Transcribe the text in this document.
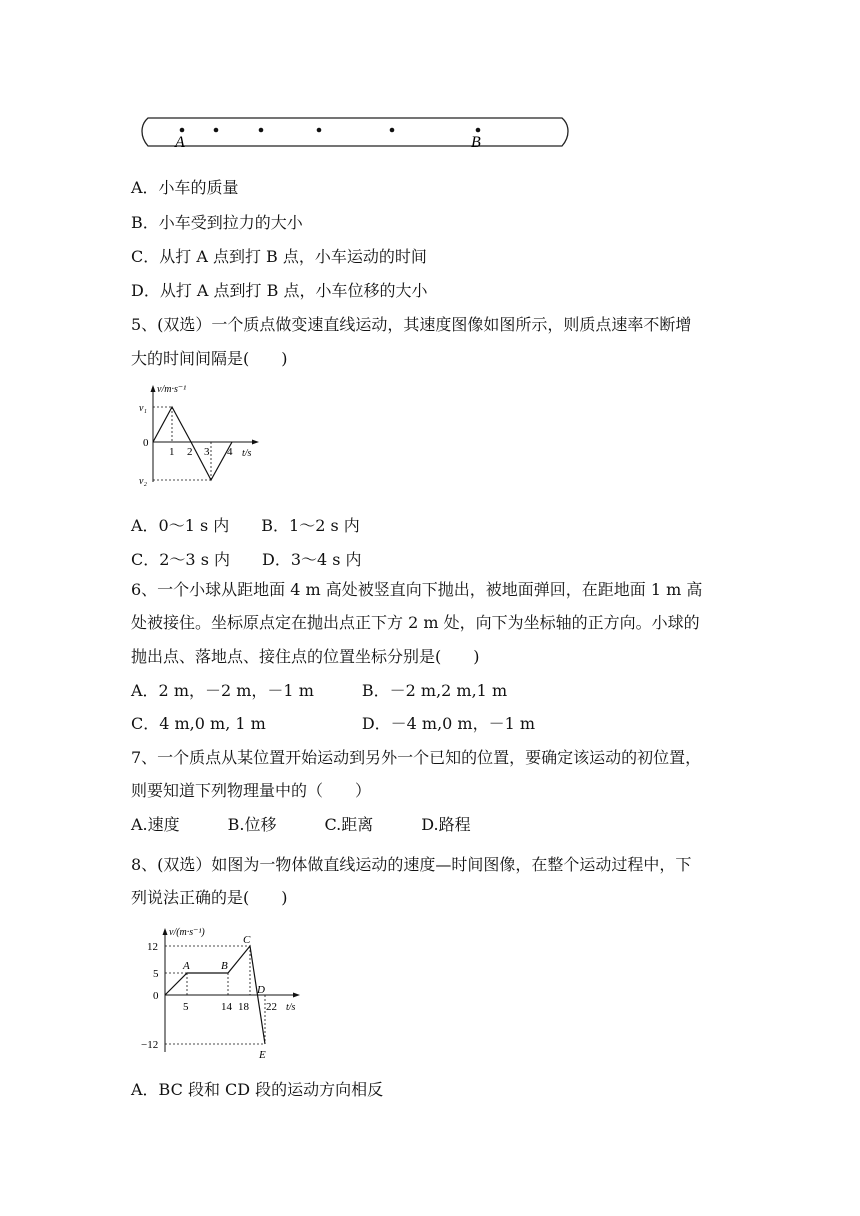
A	B
A．小车的质量
B．小车受到拉力的大小
C．从打 A 点到打 B 点，小车运动的时间
D．从打 A 点到打 B 点，小车位移的大小
5、(双选）一个质点做变速直线运动，其速度图像如图所示，则质点速率不断增
大的时间间隔是(　　)
v/m·s⁻¹
t/s
v₁
v₂
0
1 2 3 4
A．0～1 s 内　　B．1～2 s 内
C．2～3 s 内　　D．3～4 s 内
6、一个小球从距地面 4 m 高处被竖直向下抛出，被地面弹回，在距地面 1 m 高
处被接住。坐标原点定在抛出点正下方 2 m 处，向下为坐标轴的正方向。小球的
抛出点、落地点、接住点的位置坐标分别是(　　)
A．2 m，－2 m，－1 m　　　B．－2 m,2 m,1 m
C．4 m,0 m, 1 m　　　　　　D．－4 m,0 m，－1 m
7、一个质点从某位置开始运动到另外一个已知的位置，要确定该运动的初位置，
则要知道下列物理量中的（　　）
A.速度　　　B.位移　　　C.距离　　　D.路程
8、(双选）如图为一物体做直线运动的速度—时间图像，在整个运动过程中，下
列说法正确的是(　　)
v/(m·s⁻¹)
t/s
12
5
0
−12
5	14 18 22
A	B
C
D
E
A．BC 段和 CD 段的运动方向相反
